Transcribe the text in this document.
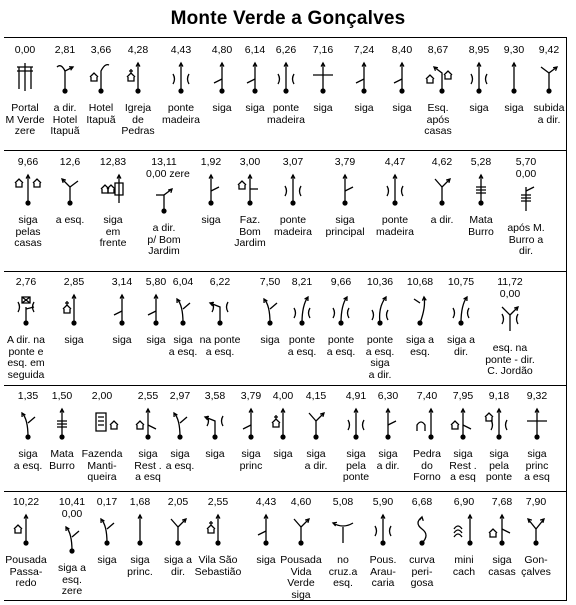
Monte Verde a Gonçalves
0,00
Portal
M Verde
zere
2,81
a dir.
Hotel
Itapuã
3,66
Hotel
Itapuã
4,28
Igreja
de
Pedras
4,43
ponte
madeira
4,80
siga
6,14
siga
6,26
ponte
madeira
7,16
siga
7,24
siga
8,40
siga
8,67
Esq.
após
casas
8,95
siga
9,30
siga
9,42
subida
a dir.
9,66
siga
pelas
casas
12,6
a esq.
12,83
siga
em
frente
13,11
0,00 zere
a dir.
p/ Bom
Jardim
1,92
siga
3,00
Faz.
Bom
Jardim
3,07
ponte
madeira
3,79
siga
principal
4,47
ponte
madeira
4,62
a dir.
5,28
Mata
Burro
5,70
0,00
após M.
Burro a
dir.
2,76
A dir. na
ponte e
esq. em
seguida
2,85
siga
3,14
siga
5,80
siga
6,04
siga
a esq.
6,22
na ponte
a esq.
7,50
siga
8,21
ponte
a esq.
9,66
ponte
a esq.
10,36
ponte
a esq.
siga
a dir.
10,68
siga a
esq.
10,75
siga a
dir.
11,72
0,00
esq. na
ponte - dir.
C. Jordão
1,35
siga
a esq.
1,50
Mata
Burro
2,00
Fazenda
Manti-
queira
2,55
siga
Rest .
a esq
2,97
siga
a esq.
3,58
siga
3,79
siga
princ
4,00
siga
4,15
siga
a dir.
4,91
siga
pela
ponte
6,30
siga
a dir.
7,40
Pedra
do
Forno
7,95
siga
Rest .
a esq
9,18
siga
pela
ponte
9,32
siga
princ
a esq
10,22
Pousada
Passa-
redo
10,41
0,00
siga a
esq.
zere
0,17
siga
1,68
siga
princ.
2,05
siga a
dir.
2,55
Vila São
Sebastião
4,43
siga
4,60
Pousada
Vida
Verde
siga
5,08
no
cruz.a
esq.
5,90
Pous.
Arau-
caria
6,68
curva
peri-
gosa
6,90
mini
cach
7,68
siga
casas
7,90
Gon-
çalves
